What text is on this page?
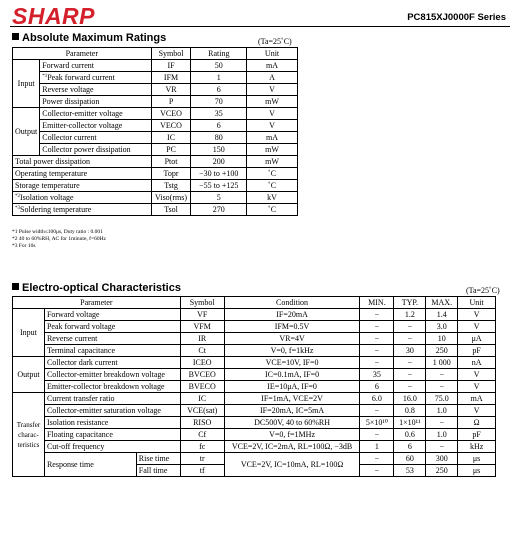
SHARP	PC815XJ0000F Series
Absolute Maximum Ratings	(Ta=25˚C)
Parameter		Symbol	Rating	Unit
Input	Forward current	IF	50	mA
	$^{*1}$Peak forward current	IFM	1	A
	Reverse voltage	VR	6	V
	Power dissipation	P	70	mW
Output	Collector-emitter voltage	VCEO	35	V
	Emitter-collector voltage	VECO	6	V
	Collector current	IC	80	mA
	Collector power dissipation	PC	150	mW
Total power dissipation		Ptot	200	mW
Operating temperature		Topr	−30 to +100	˚C
Storage temperature		Tstg	−55 to +125	˚C
$^{*2}$Isolation voltage		Viso(rms)	5	kV
$^{*3}$Soldering temperature		Tsol	270	˚C
*1 Pulse width≤100μs, Duty ratio : 0.001
*2 40 to 60%RH, AC for 1minute, f=60Hz
*3 For 10s
Electro-optical Characteristics	(Ta=25˚C)
Parameter			Symbol	Condition	MIN.	TYP.	MAX.	Unit
Input	Forward voltage		VF	IF=20mA	−	1.2	1.4	V
	Peak forward voltage		VFM	IFM=0.5V	−	−	3.0	V
	Reverse current		IR	VR=4V	−	−	10	μA
	Terminal capacitance		Ct	V=0, f=1kHz	−	30	250	pF
Output	Collector dark current		ICEO	VCE=10V, IF=0	−	−	1 000	nA
	Collector-emitter breakdown voltage		BVCEO	IC=0.1mA, IF=0	35	−	−	V
	Emitter-collector breakdown voltage		BVECO	IE=10μA, IF=0	6	−	−	V
Transfer charac- teristics	Current transfer ratio		IC	IF=1mA, VCE=2V	6.0	16.0	75.0	mA
	Collector-emitter saturation voltage		VCE(sat)	IF=20mA, IC=5mA	−	0.8	1.0	V
	Isolation resistance		RISO	DC500V, 40 to 60%RH	5×10¹⁰	1×10¹¹	−	Ω
	Floating capacitance		Cf	V=0, f=1MHz	−	0.6	1.0	pF
	Cut-off frequency		fc	VCE=2V, IC=2mA, RL=100Ω, −3dB	1	6	−	kHz
	Response time	Rise time	tr	VCE=2V, IC=10mA, RL=100Ω	−	60	300	μs
		Fall time	tf		−	53	250	μs
